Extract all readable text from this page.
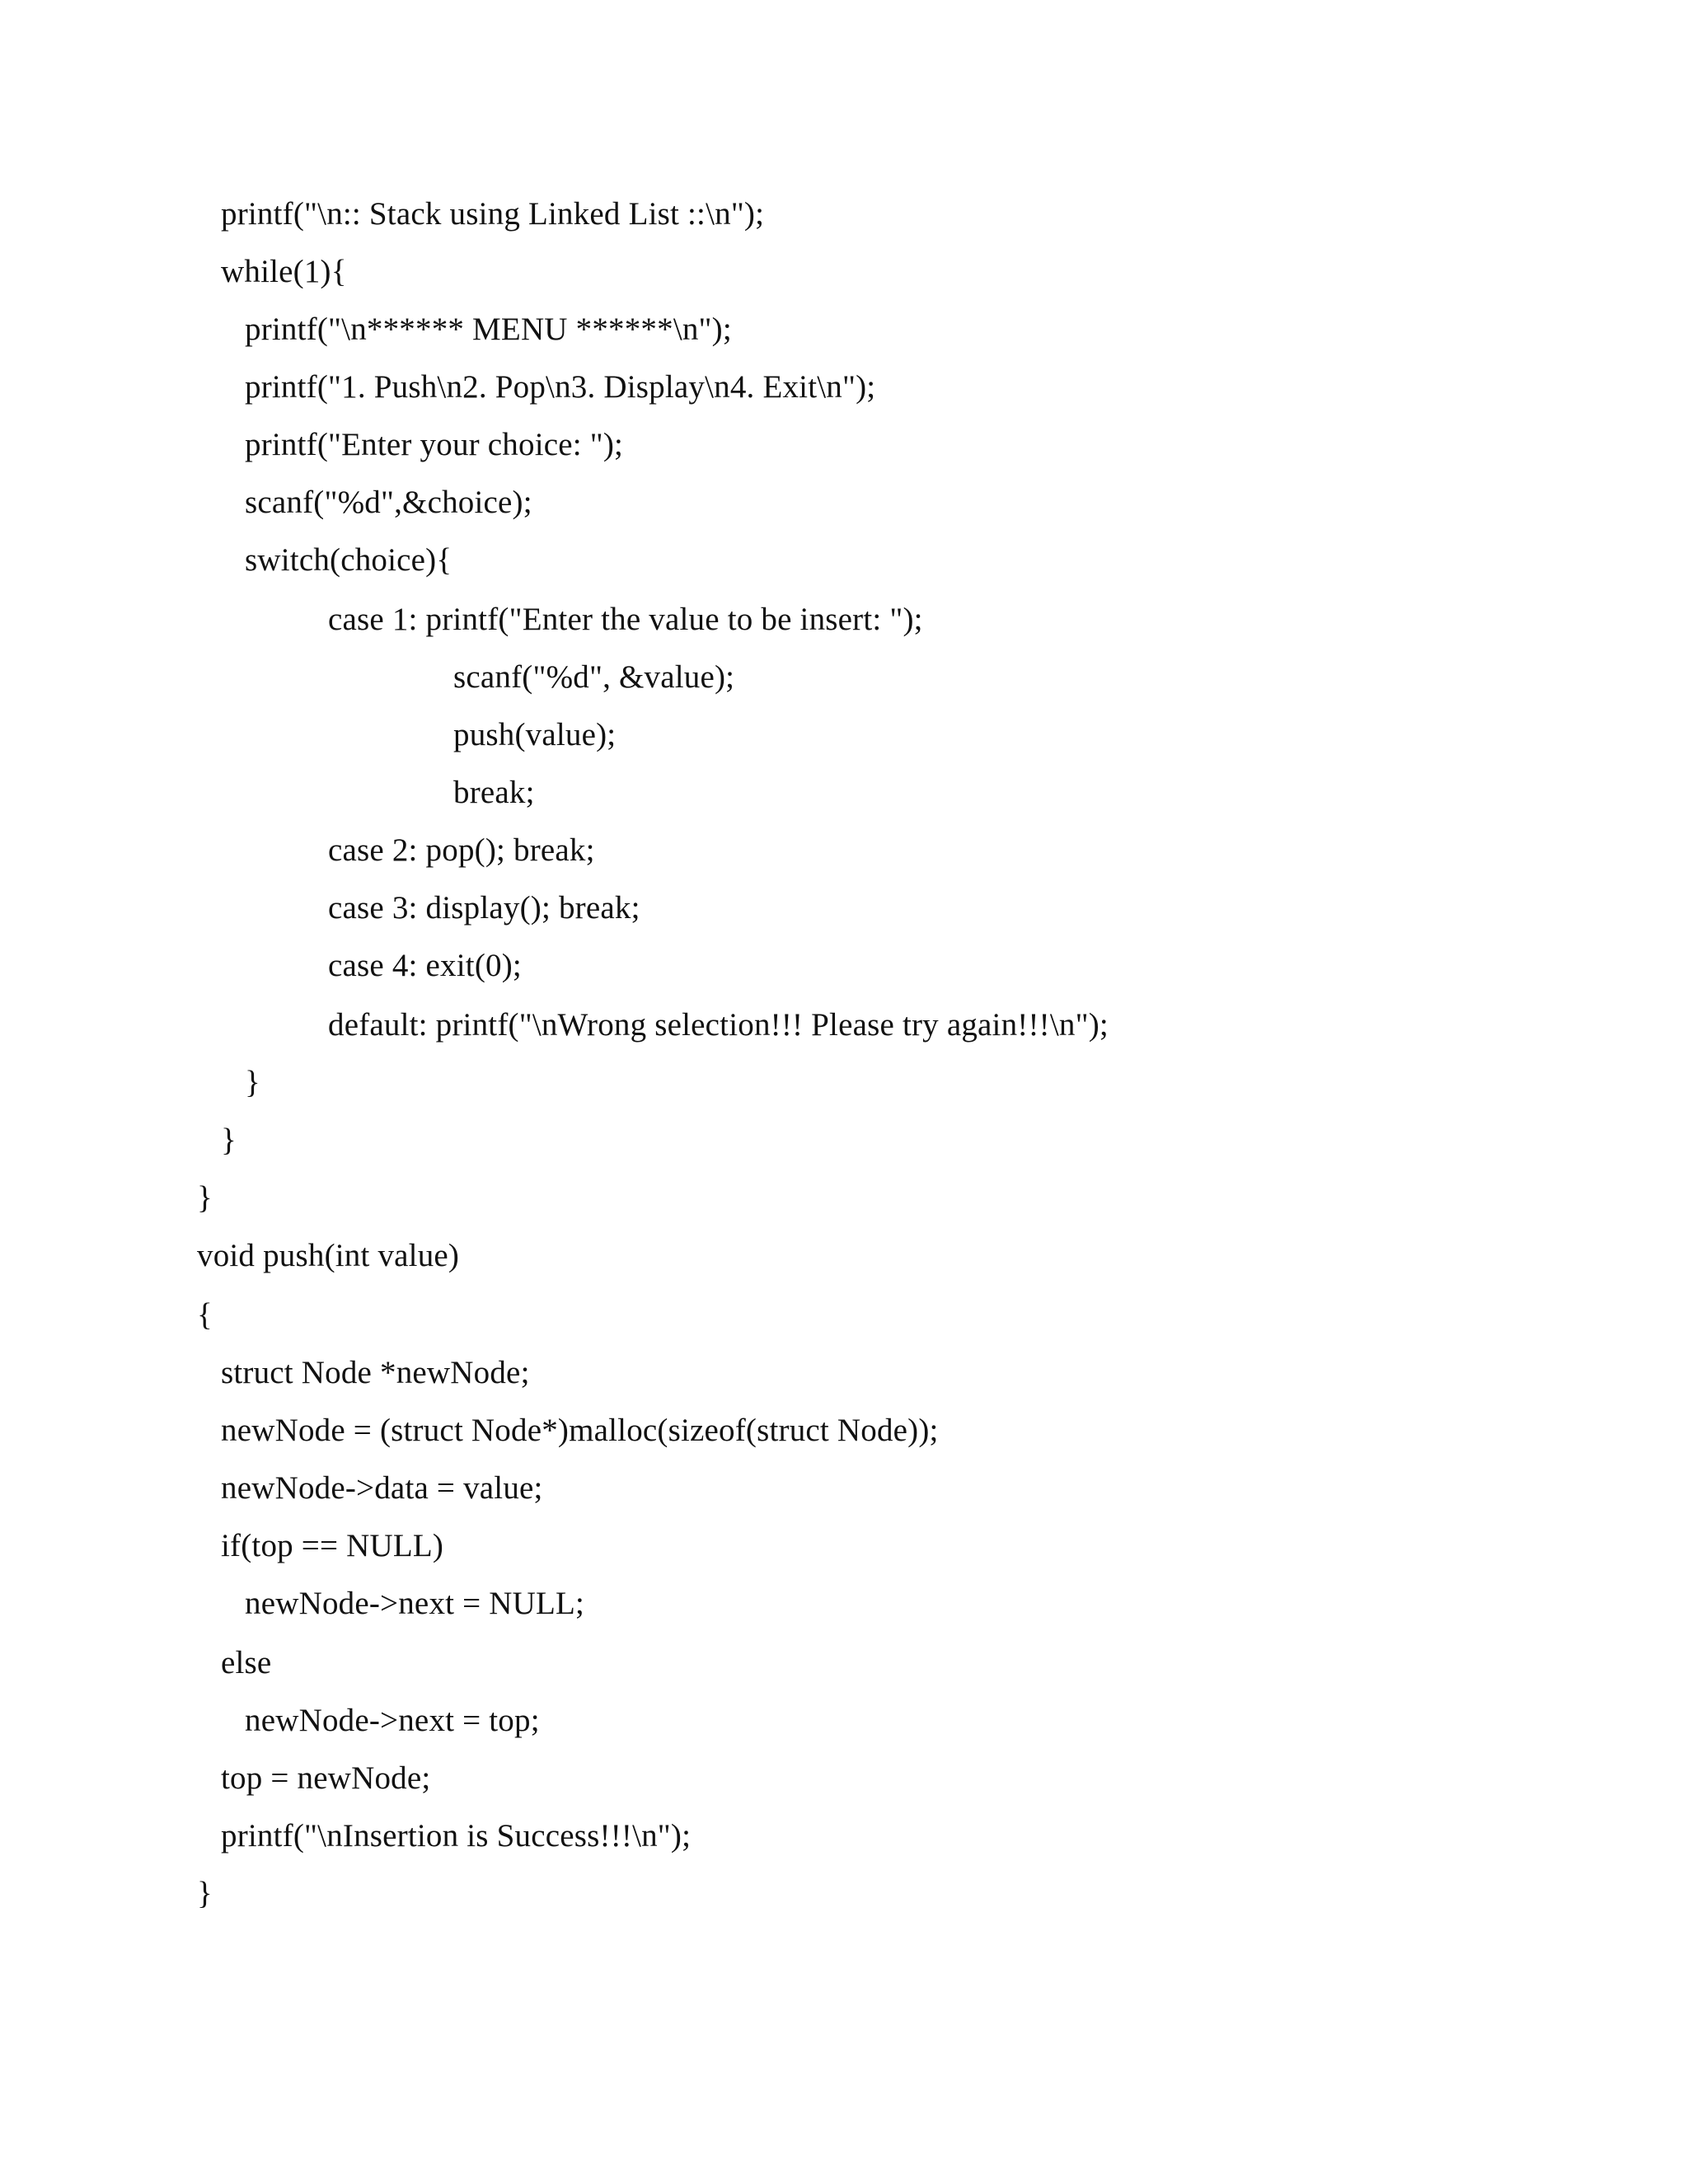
printf("\n:: Stack using Linked List ::\n");
while(1){
printf("\n****** MENU ******\n");
printf("1. Push\n2. Pop\n3. Display\n4. Exit\n");
printf("Enter your choice: ");
scanf("%d",&choice);
switch(choice){
case 1: printf("Enter the value to be insert: ");
scanf("%d", &value);
push(value);
break;
case 2: pop(); break;
case 3: display(); break;
case 4: exit(0);
default: printf("\nWrong selection!!! Please try again!!!\n");
}
}
}
void push(int value)
{
struct Node *newNode;
newNode = (struct Node*)malloc(sizeof(struct Node));
newNode->data = value;
if(top == NULL)
newNode->next = NULL;
else
newNode->next = top;
top = newNode;
printf("\nInsertion is Success!!!\n");
}
